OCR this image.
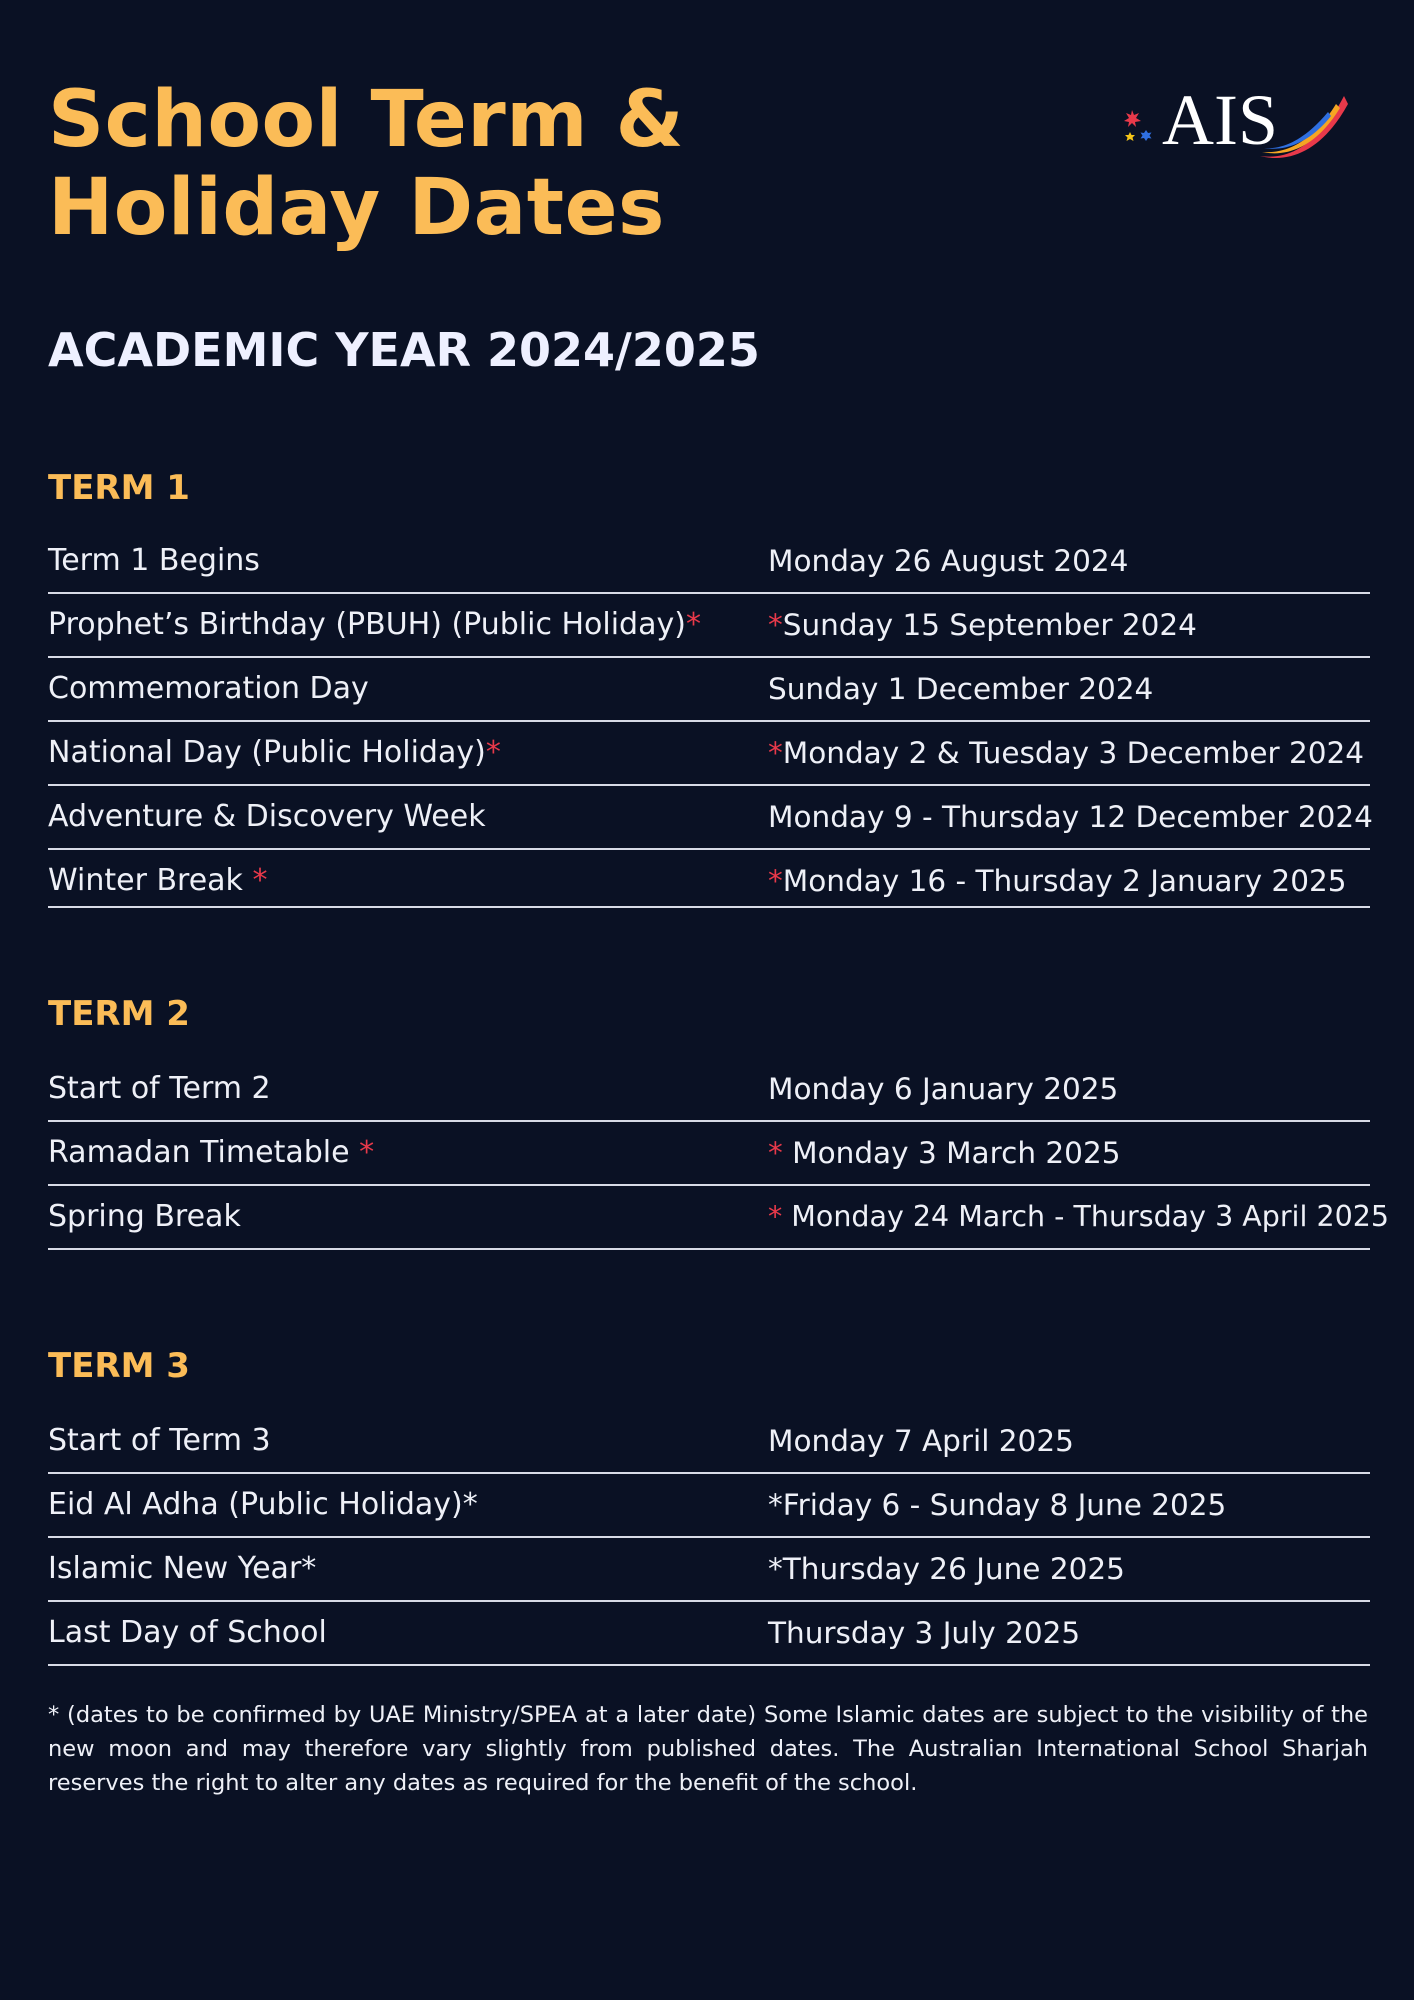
School Term &
Holiday Dates
AIS
ACADEMIC YEAR 2024/2025
TERM 1
Term 1 Begins	Monday 26 August 2024
Prophet’s Birthday (PBUH) (Public Holiday)* *Sunday 15 September 2024
Commemoration Day	Sunday 1 December 2024
National Day (Public Holiday)*	*Monday 2 & Tuesday 3 December 2024
Adventure & Discovery Week	Monday 9 - Thursday 12 December 2024
Winter Break *	*Monday 16 - Thursday 2 January 2025
TERM 2
Start of Term 2	Monday 6 January 2025
Ramadan Timetable *	* Monday 3 March 2025
Spring Break	* Monday 24 March - Thursday 3 April 2025
TERM 3
Start of Term 3	Monday 7 April 2025
Eid Al Adha (Public Holiday)*	*Friday 6 - Sunday 8 June 2025
Islamic New Year*	*Thursday 26 June 2025
Last Day of School	Thursday 3 July 2025

* (dates to be confirmed by UAE Ministry/SPEA at a later date) Some Islamic dates are subject to the visibility of the new moon and may therefore vary slightly from published dates. The Australian International School Sharjah reserves the right to alter any dates as required for the benefit of the school.
